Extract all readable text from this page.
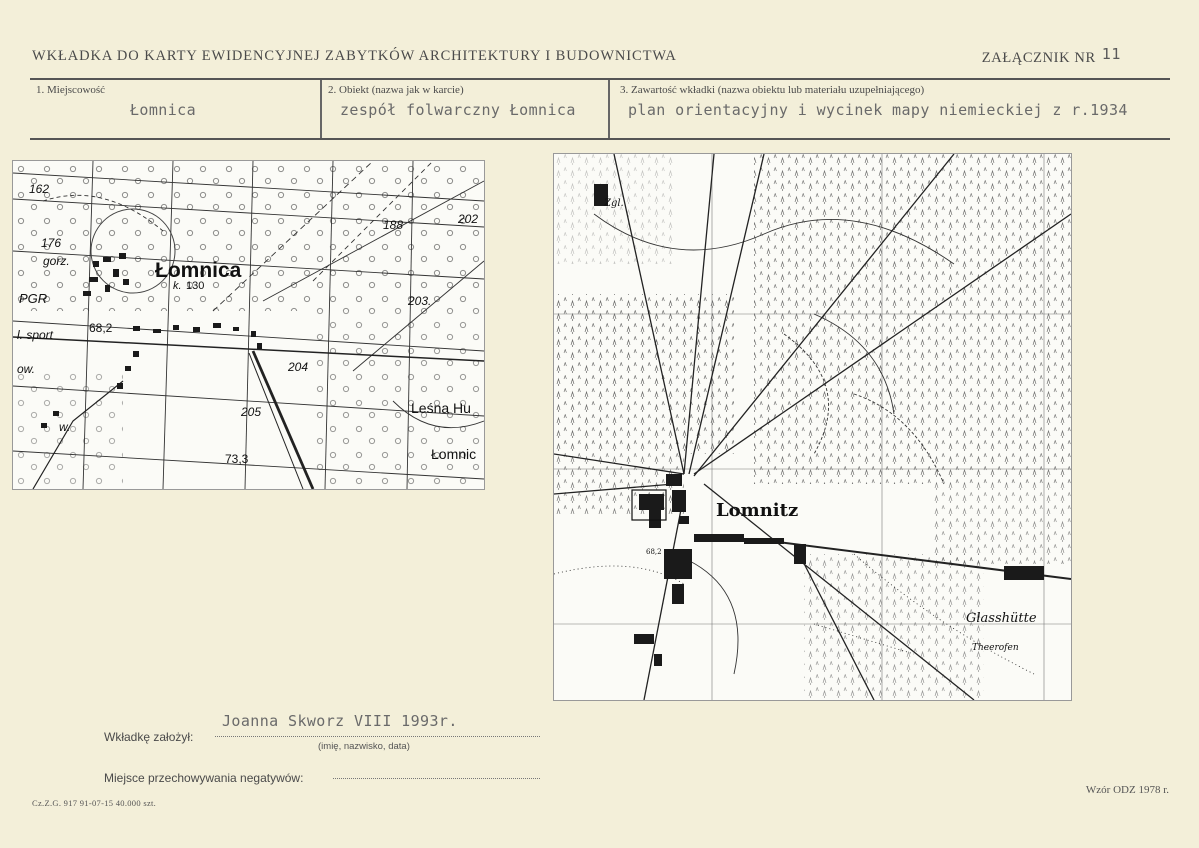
WKŁADKA DO KARTY EWIDENCYJNEJ ZABYTKÓW ARCHITEKTURY I BUDOWNICTWA	ZAŁĄCZNIK NR 11
1. Miejscowość
Łomnica
2. Obiekt (nazwa jak w karcie)
zespół folwarczny Łomnica
3. Zawartość wkładki (nazwa obiektu lub materiału uzupełniającego)
plan orientacyjny i wycinek mapy niemieckiej z r.1934
Łomnica
162
176
gorz.
PGR
130
k.
188	202
203.
l. sport	68,2
ow.	204
Leśna Hu
205
w.
73,3	Łomnic
Lomnitz
Zgl.
Glasshütte
Theerofen
68,2
Wkładkę założył:
Joanna Skworz VIII 1993r.
(imię, nazwisko, data)
Miejsce przechowywania negatywów:
Cz.Z.G. 917 91-07-15 40.000 szt.
Wzór ODZ 1978 r.
